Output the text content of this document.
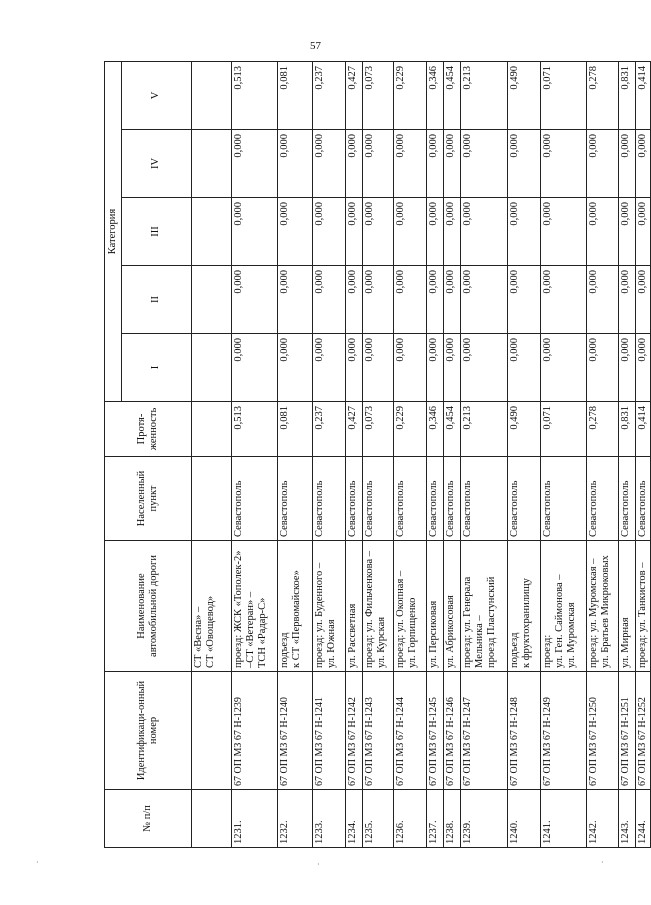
57
№ п/п	Идентификаци-онный номер	Наименование автомобильной дороги	Населенный пункт	Протя-женность	Категория				
					I	II	III	IV	V

		СТ «Весна» – СТ «Овощевод»							

1231.	67 ОП МЗ 67 Н-1239	проезд: ЖСК «Тополек-2» –СТ «Ветеран» – ТСН «Радар-С»	Севастополь	0,513	0,000	0,000	0,000	0,000	0,513
1232.	67 ОП МЗ 67 Н-1240	подъезд к СТ «Первомайское»	Севастополь	0,081	0,000	0,000	0,000	0,000	0,081
1233.	67 ОП МЗ 67 Н-1241	проезд: ул. Буденного – ул. Южная	Севастополь	0,237	0,000	0,000	0,000	0,000	0,237
1234.	67 ОП МЗ 67 Н-1242	ул. Рассветная	Севастополь	0,427	0,000	0,000	0,000	0,000	0,427
1235.	67 ОП МЗ 67 Н-1243	проезд: ул. Фильченкова – ул. Курская	Севастополь	0,073	0,000	0,000	0,000	0,000	0,073
1236.	67 ОП МЗ 67 Н-1244	проезд: ул. Окопная – ул. Горпищенко	Севастополь	0,229	0,000	0,000	0,000	0,000	0,229
1237.	67 ОП МЗ 67 Н-1245	ул. Персиковая	Севастополь	0,346	0,000	0,000	0,000	0,000	0,346
1238.	67 ОП МЗ 67 Н-1246	ул. Абрикосовая	Севастополь	0,454	0,000	0,000	0,000	0,000	0,454
1239.	67 ОП МЗ 67 Н-1247	проезд: ул. Генерала Мельника – проезд Пластунский	Севастополь	0,213	0,000	0,000	0,000	0,000	0,213
1240.	67 ОП МЗ 67 Н-1248	подъезд к фруктохранилищу	Севастополь	0,490	0,000	0,000	0,000	0,000	0,490
1241.	67 ОП МЗ 67 Н-1249	проезд: ул. Ген. Саймонова – ул. Муромская	Севастополь	0,071	0,000	0,000	0,000	0,000	0,071
1242.	67 ОП МЗ 67 Н-1250	проезд: ул. Муромская – ул. Братьев Микрюковых	Севастополь	0,278	0,000	0,000	0,000	0,000	0,278
1243.	67 ОП МЗ 67 Н-1251	ул. Мирная	Севастополь	0,831	0,000	0,000	0,000	0,000	0,831
1244.	67 ОП МЗ 67 Н-1252	проезд: ул. Танкистов –	Севастополь	0,414	0,000	0,000	0,000	0,000	0,414
·	·	·
